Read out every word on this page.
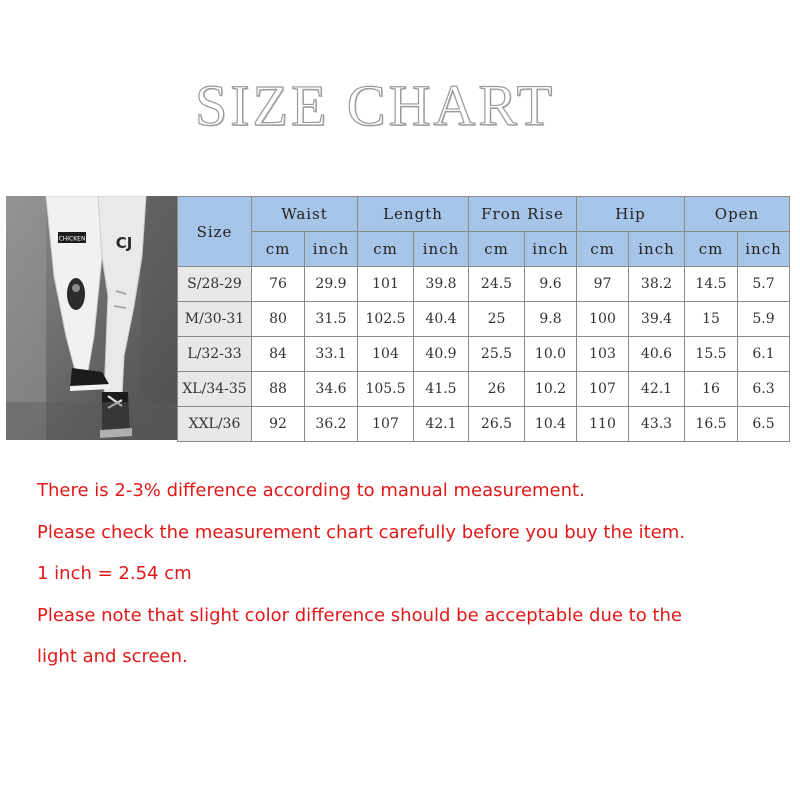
SIZE CHART
CHICKEN CJ
Size	Waist		Length		Fron Rise		Hip		Open	
	cm	inch	cm	inch	cm	inch	cm	inch	cm	inch
S/28-29	76	29.9	101	39.8	24.5	9.6	97	38.2	14.5	5.7
M/30-31	80	31.5	102.5	40.4	25	9.8	100	39.4	15	5.9
L/32-33	84	33.1	104	40.9	25.5	10.0	103	40.6	15.5	6.1
XL/34-35	88	34.6	105.5	41.5	26	10.2	107	42.1	16	6.3
XXL/36	92	36.2	107	42.1	26.5	10.4	110	43.3	16.5	6.5
There is 2-3% difference according to manual measurement.
Please check the measurement chart carefully before you buy the item.
1 inch = 2.54 cm
Please note that slight color difference should be acceptable due to the
light and screen.
